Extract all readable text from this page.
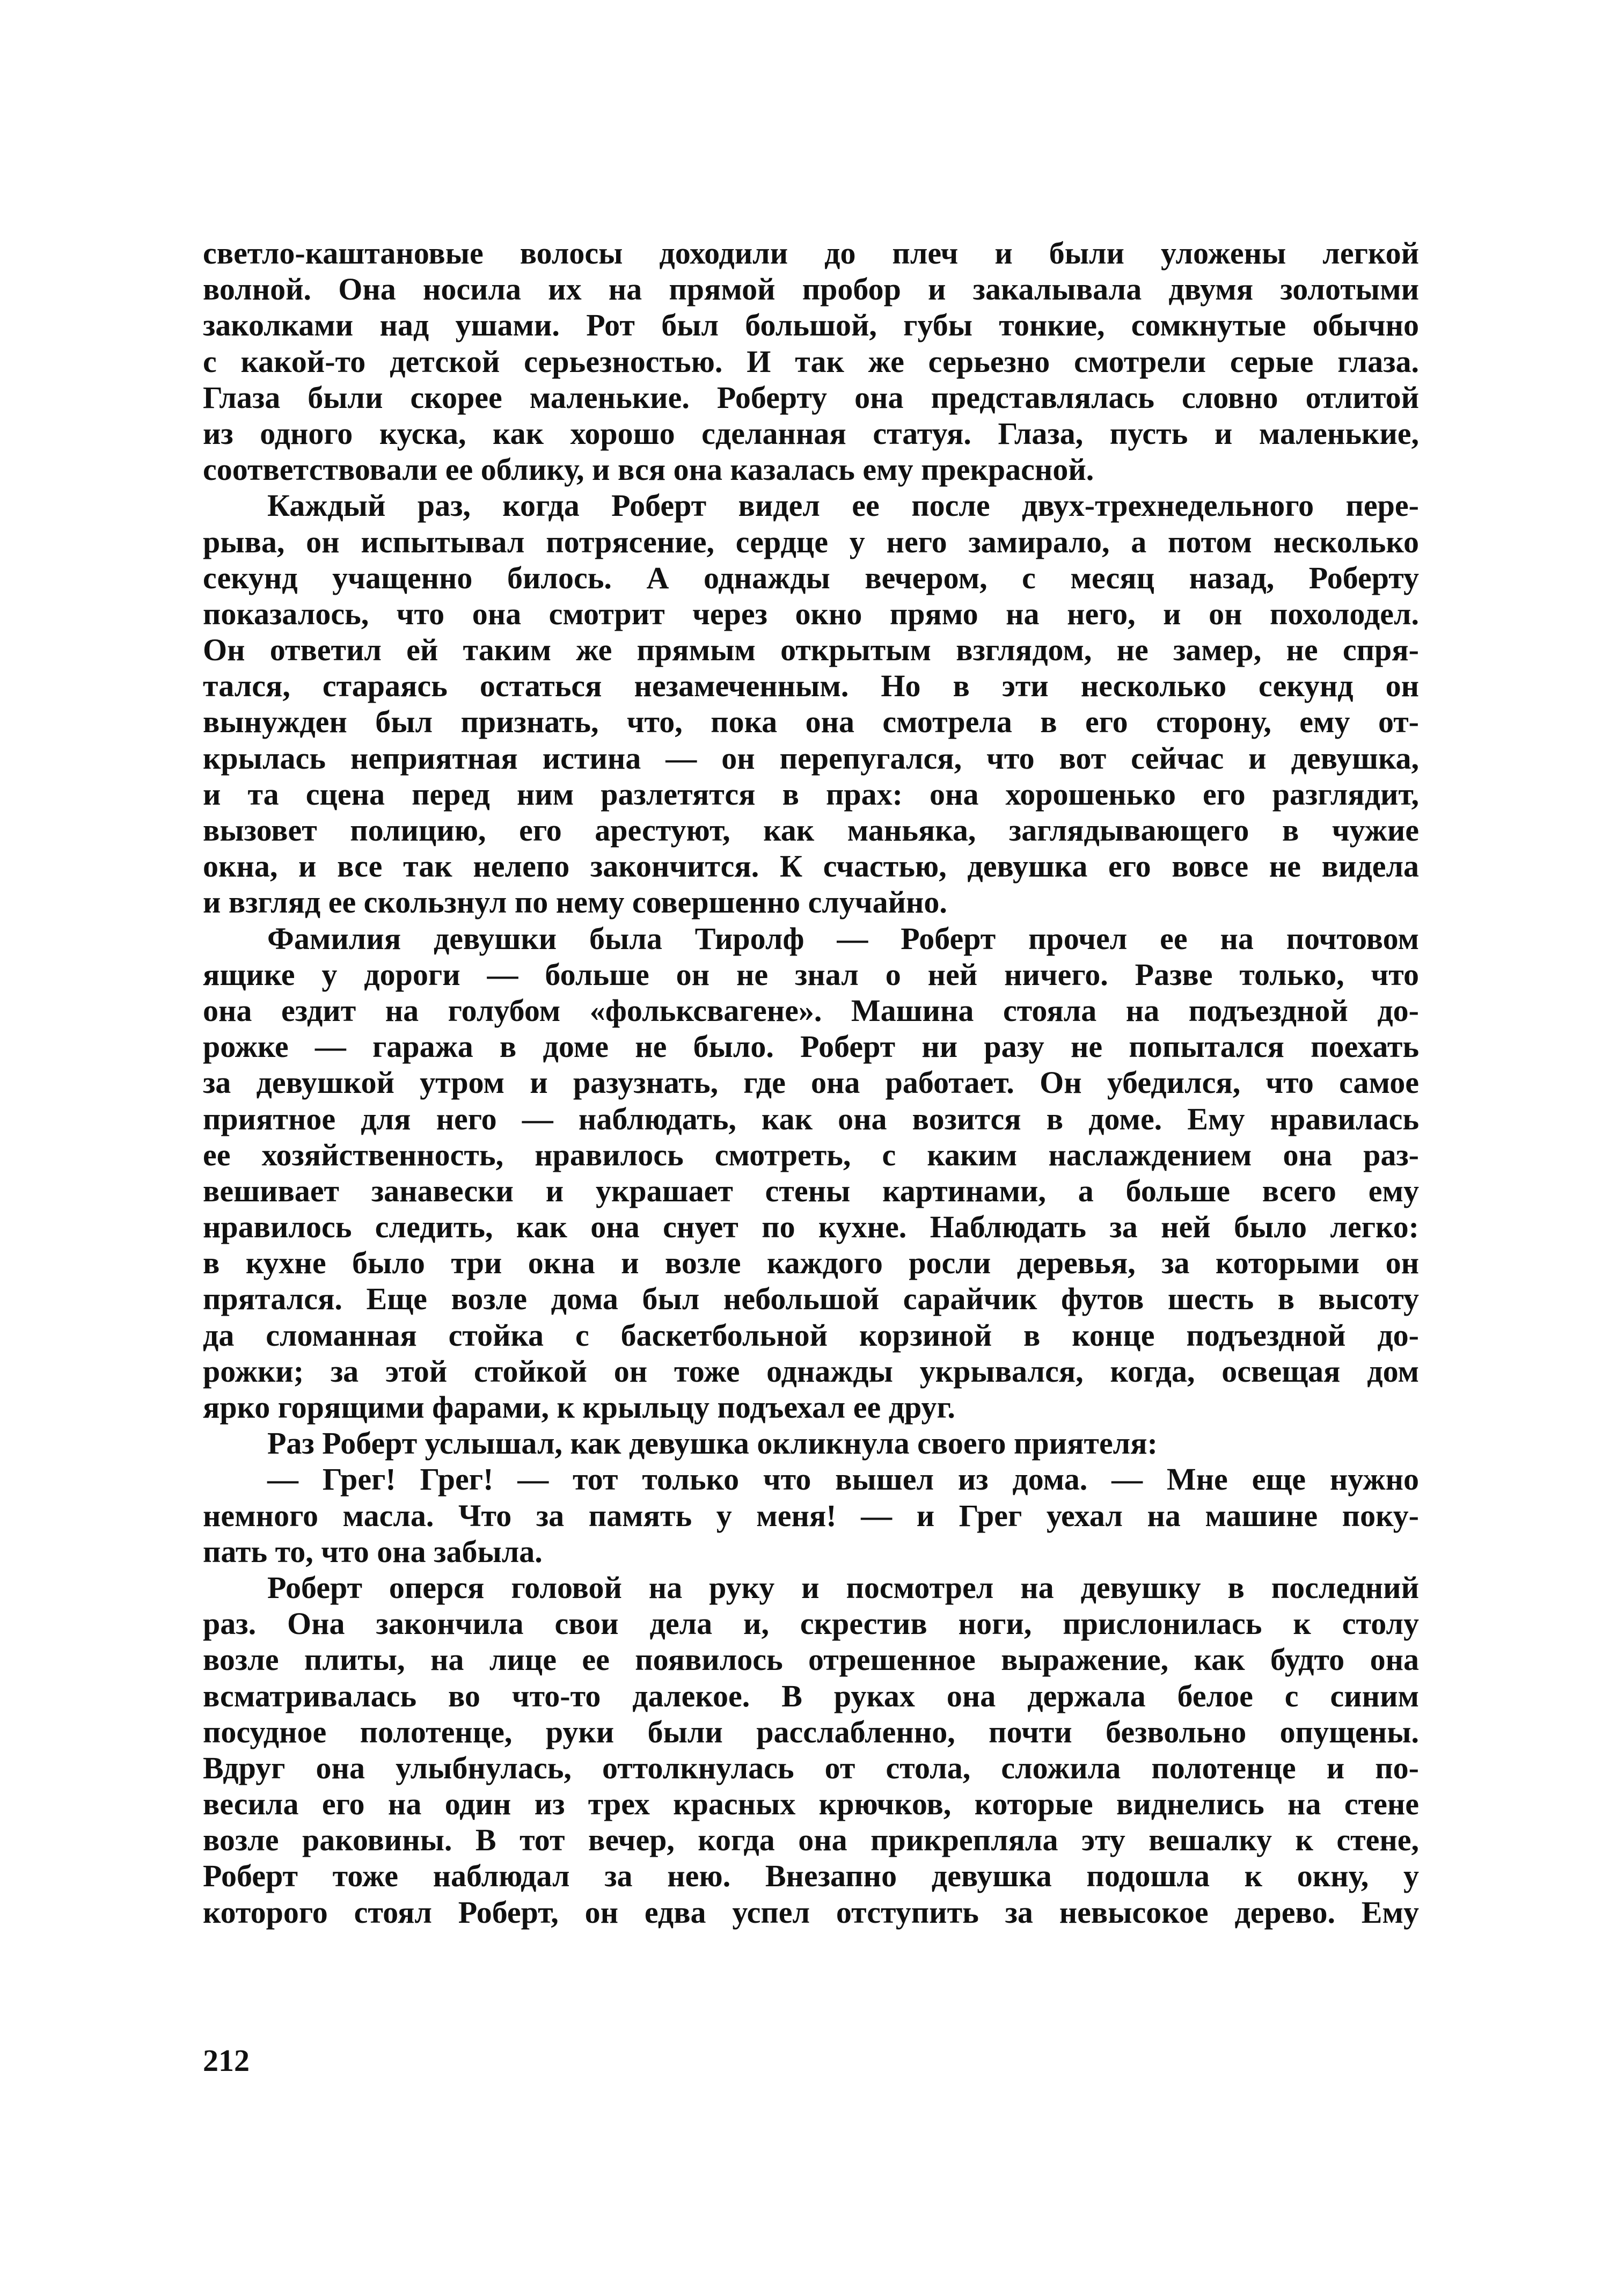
светло-каштановые волосы доходили до плеч и были уложены легкой
волной. Она носила их на прямой пробор и закалывала двумя золотыми
заколками над ушами. Рот был большой, губы тонкие, сомкнутые обычно
с какой-то детской серьезностью. И так же серьезно смотрели серые глаза.
Глаза были скорее маленькие. Роберту она представлялась словно отлитой
из одного куска, как хорошо сделанная статуя. Глаза, пусть и маленькие,
соответствовали ее облику, и вся она казалась ему прекрасной.
Каждый раз, когда Роберт видел ее после двух-трехнедельного пере-
рыва, он испытывал потрясение, сердце у него замирало, а потом несколько
секунд учащенно билось. А однажды вечером, с месяц назад, Роберту
показалось, что она смотрит через окно прямо на него, и он похолодел.
Он ответил ей таким же прямым открытым взглядом, не замер, не спря-
тался, стараясь остаться незамеченным. Но в эти несколько секунд он
вынужден был признать, что, пока она смотрела в его сторону, ему от-
крылась неприятная истина — он перепугался, что вот сейчас и девушка,
и та сцена перед ним разлетятся в прах: она хорошенько его разглядит,
вызовет полицию, его арестуют, как маньяка, заглядывающего в чужие
окна, и все так нелепо закончится. К счастью, девушка его вовсе не видела
и взгляд ее скользнул по нему совершенно случайно.
Фамилия девушки была Тиролф — Роберт прочел ее на почтовом
ящике у дороги — больше он не знал о ней ничего. Разве только, что
она ездит на голубом «фольксвагене». Машина стояла на подъездной до-
рожке — гаража в доме не было. Роберт ни разу не попытался поехать
за девушкой утром и разузнать, где она работает. Он убедился, что самое
приятное для него — наблюдать, как она возится в доме. Ему нравилась
ее хозяйственность, нравилось смотреть, с каким наслаждением она раз-
вешивает занавески и украшает стены картинами, а больше всего ему
нравилось следить, как она снует по кухне. Наблюдать за ней было легко:
в кухне было три окна и возле каждого росли деревья, за которыми он
прятался. Еще возле дома был небольшой сарайчик футов шесть в высоту
да сломанная стойка с баскетбольной корзиной в конце подъездной до-
рожки; за этой стойкой он тоже однажды укрывался, когда, освещая дом
ярко горящими фарами, к крыльцу подъехал ее друг.
Раз Роберт услышал, как девушка окликнула своего приятеля:
— Грег! Грег! — тот только что вышел из дома. — Мне еще нужно
немного масла. Что за память у меня! — и Грег уехал на машине поку-
пать то, что она забыла.
Роберт оперся головой на руку и посмотрел на девушку в последний
раз. Она закончила свои дела и, скрестив ноги, прислонилась к столу
возле плиты, на лице ее появилось отрешенное выражение, как будто она
всматривалась во что-то далекое. В руках она держала белое с синим
посудное полотенце, руки были расслабленно, почти безвольно опущены.
Вдруг она улыбнулась, оттолкнулась от стола, сложила полотенце и по-
весила его на один из трех красных крючков, которые виднелись на стене
возле раковины. В тот вечер, когда она прикрепляла эту вешалку к стене,
Роберт тоже наблюдал за нею. Внезапно девушка подошла к окну, у
которого стоял Роберт, он едва успел отступить за невысокое дерево. Ему
212
